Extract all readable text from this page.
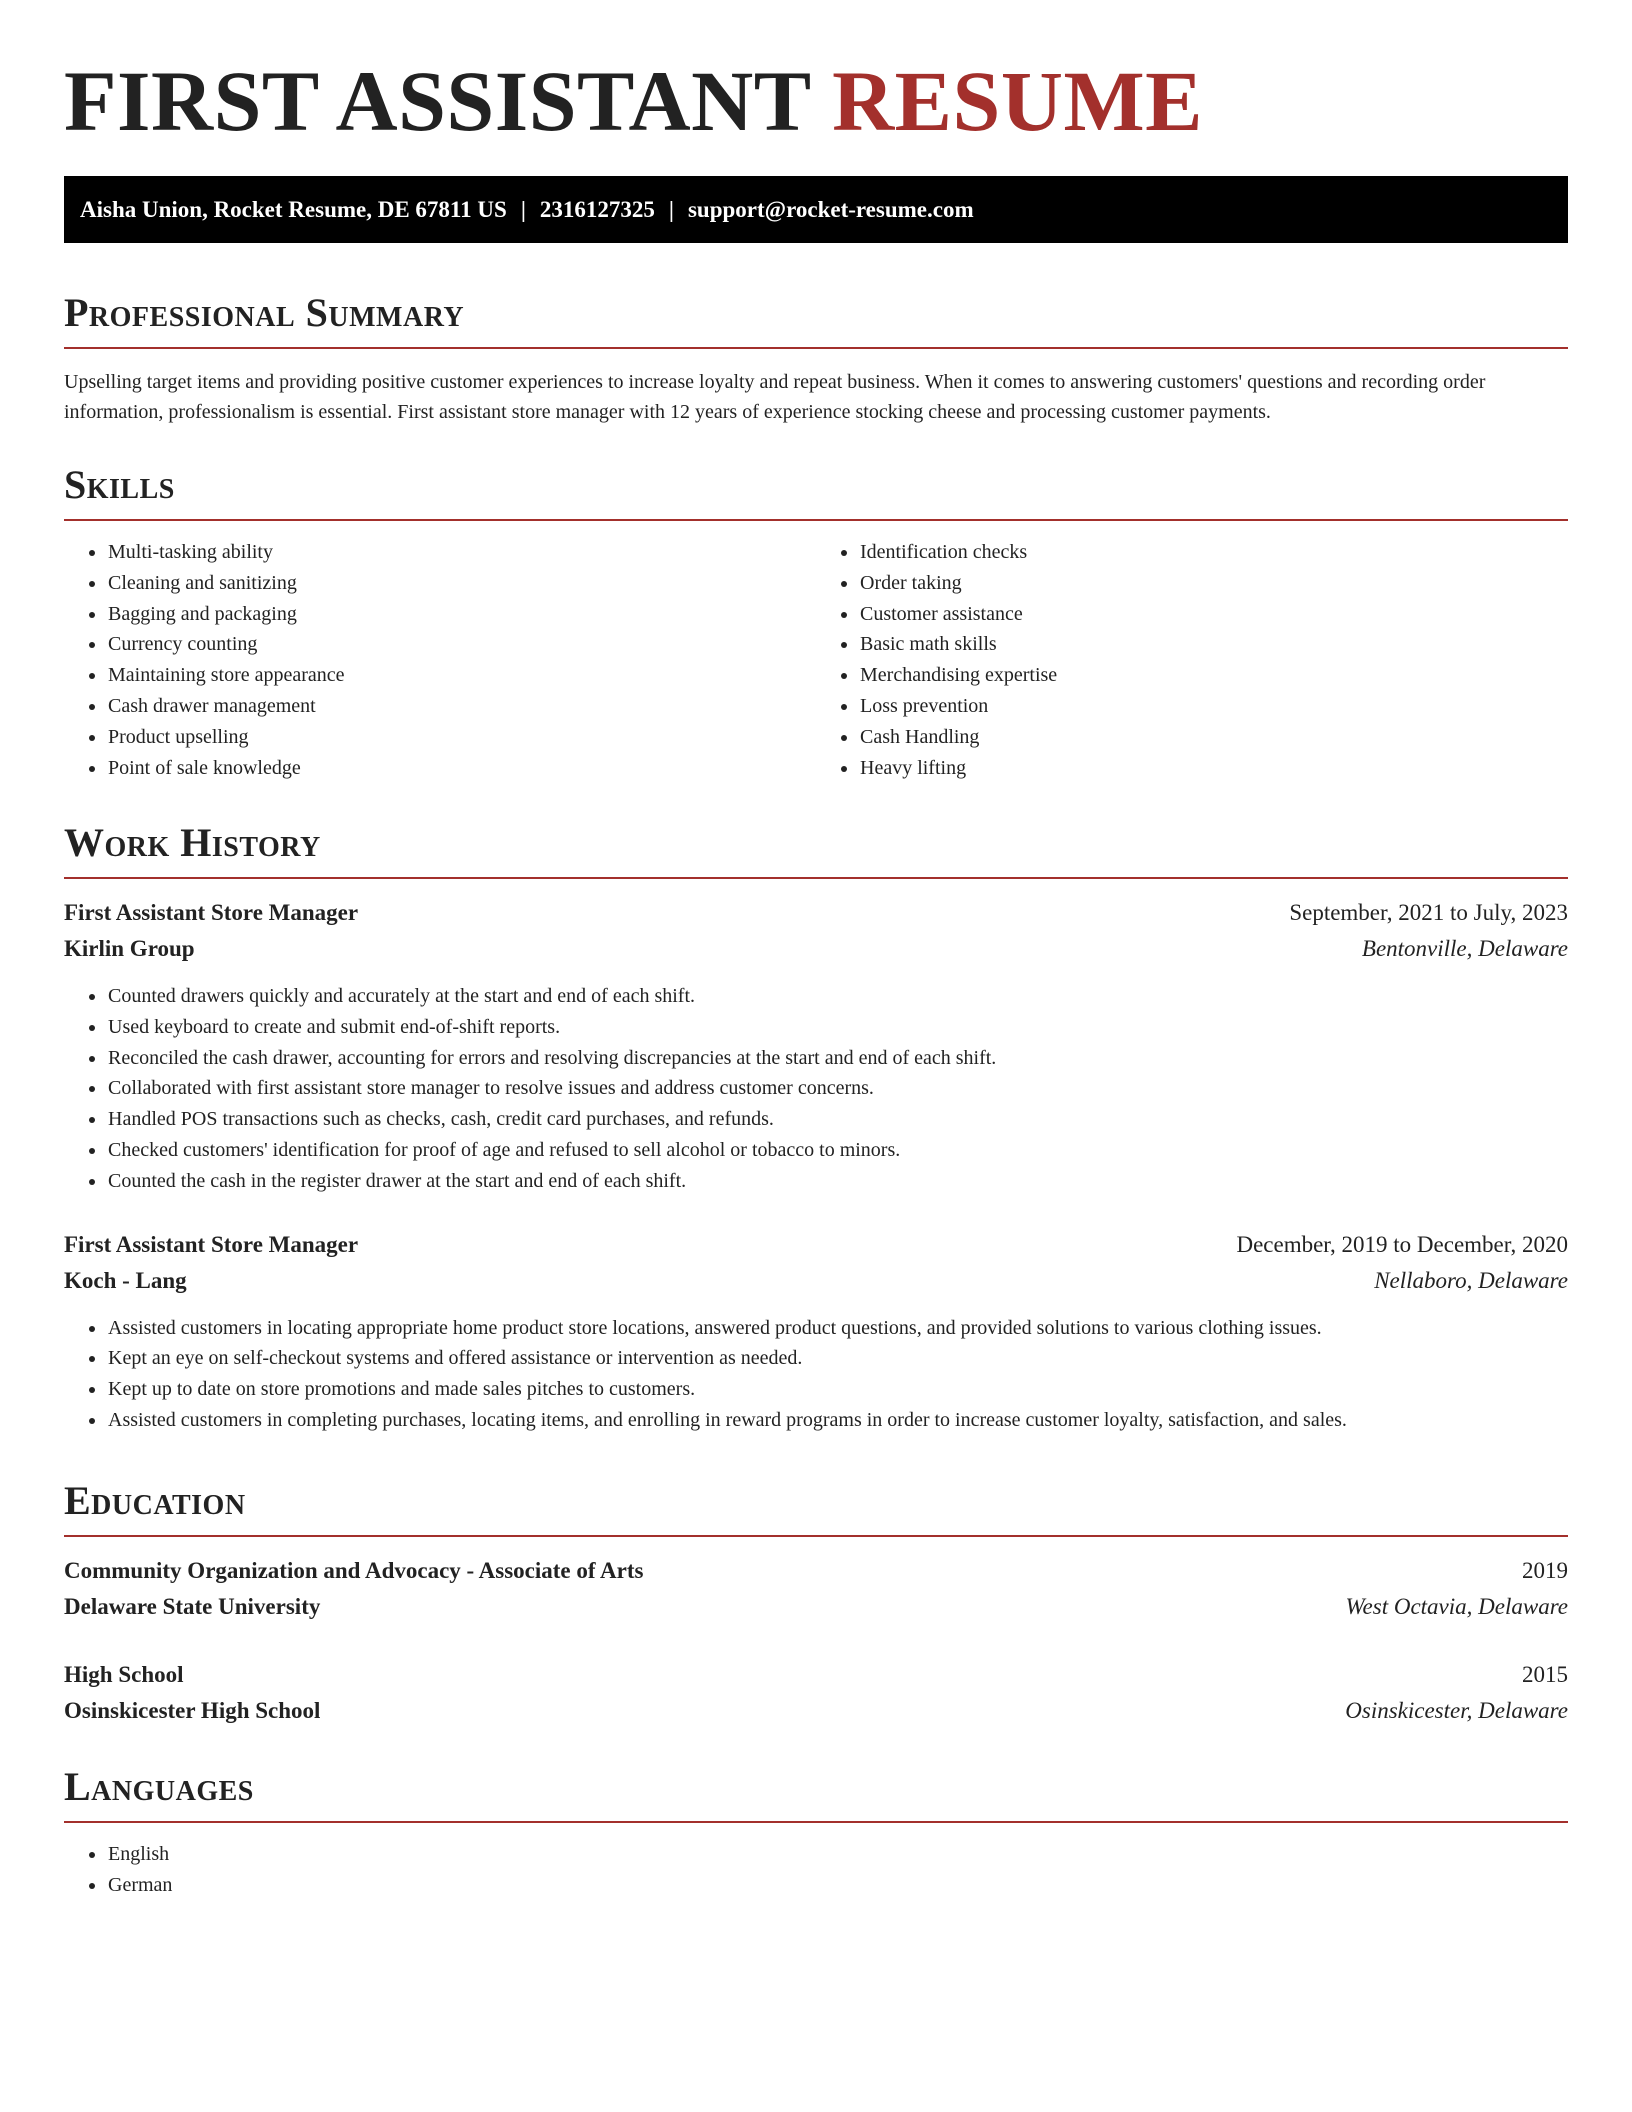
FIRST ASSISTANT RESUME
Aisha Union, Rocket Resume, DE 67811 US | 2316127325 | support@rocket-resume.com
Professional Summary

Upselling target items and providing positive customer experiences to increase loyalty and repeat business. When it comes to answering customers' questions and recording order information, professionalism is essential. First assistant store manager with 12 years of experience stocking cheese and processing customer payments.

Skills
• Multi-tasking ability
• Cleaning and sanitizing
• Bagging and packaging
• Currency counting
• Maintaining store appearance
• Cash drawer management
• Product upselling
• Point of sale knowledge
• Identification checks
• Order taking
• Customer assistance
• Basic math skills
• Merchandising expertise
• Loss prevention
• Cash Handling
• Heavy lifting
Work History
First Assistant Store Manager	September, 2021 to July, 2023
Kirlin Group	Bentonville, Delaware
• Counted drawers quickly and accurately at the start and end of each shift.
• Used keyboard to create and submit end-of-shift reports.
• Reconciled the cash drawer, accounting for errors and resolving discrepancies at the start and end of each shift.
• Collaborated with first assistant store manager to resolve issues and address customer concerns.
• Handled POS transactions such as checks, cash, credit card purchases, and refunds.
• Checked customers' identification for proof of age and refused to sell alcohol or tobacco to minors.
• Counted the cash in the register drawer at the start and end of each shift.
First Assistant Store Manager	December, 2019 to December, 2020
Koch - Lang	Nellaboro, Delaware
• Assisted customers in locating appropriate home product store locations, answered product questions, and provided solutions to various clothing issues.
• Kept an eye on self-checkout systems and offered assistance or intervention as needed.
• Kept up to date on store promotions and made sales pitches to customers.
• Assisted customers in completing purchases, locating items, and enrolling in reward programs in order to increase customer loyalty, satisfaction, and sales.
Education
Community Organization and Advocacy - Associate of Arts	2019
Delaware State University	West Octavia, Delaware
High School	2015
Osinskicester High School	Osinskicester, Delaware
Languages
• English
• German
